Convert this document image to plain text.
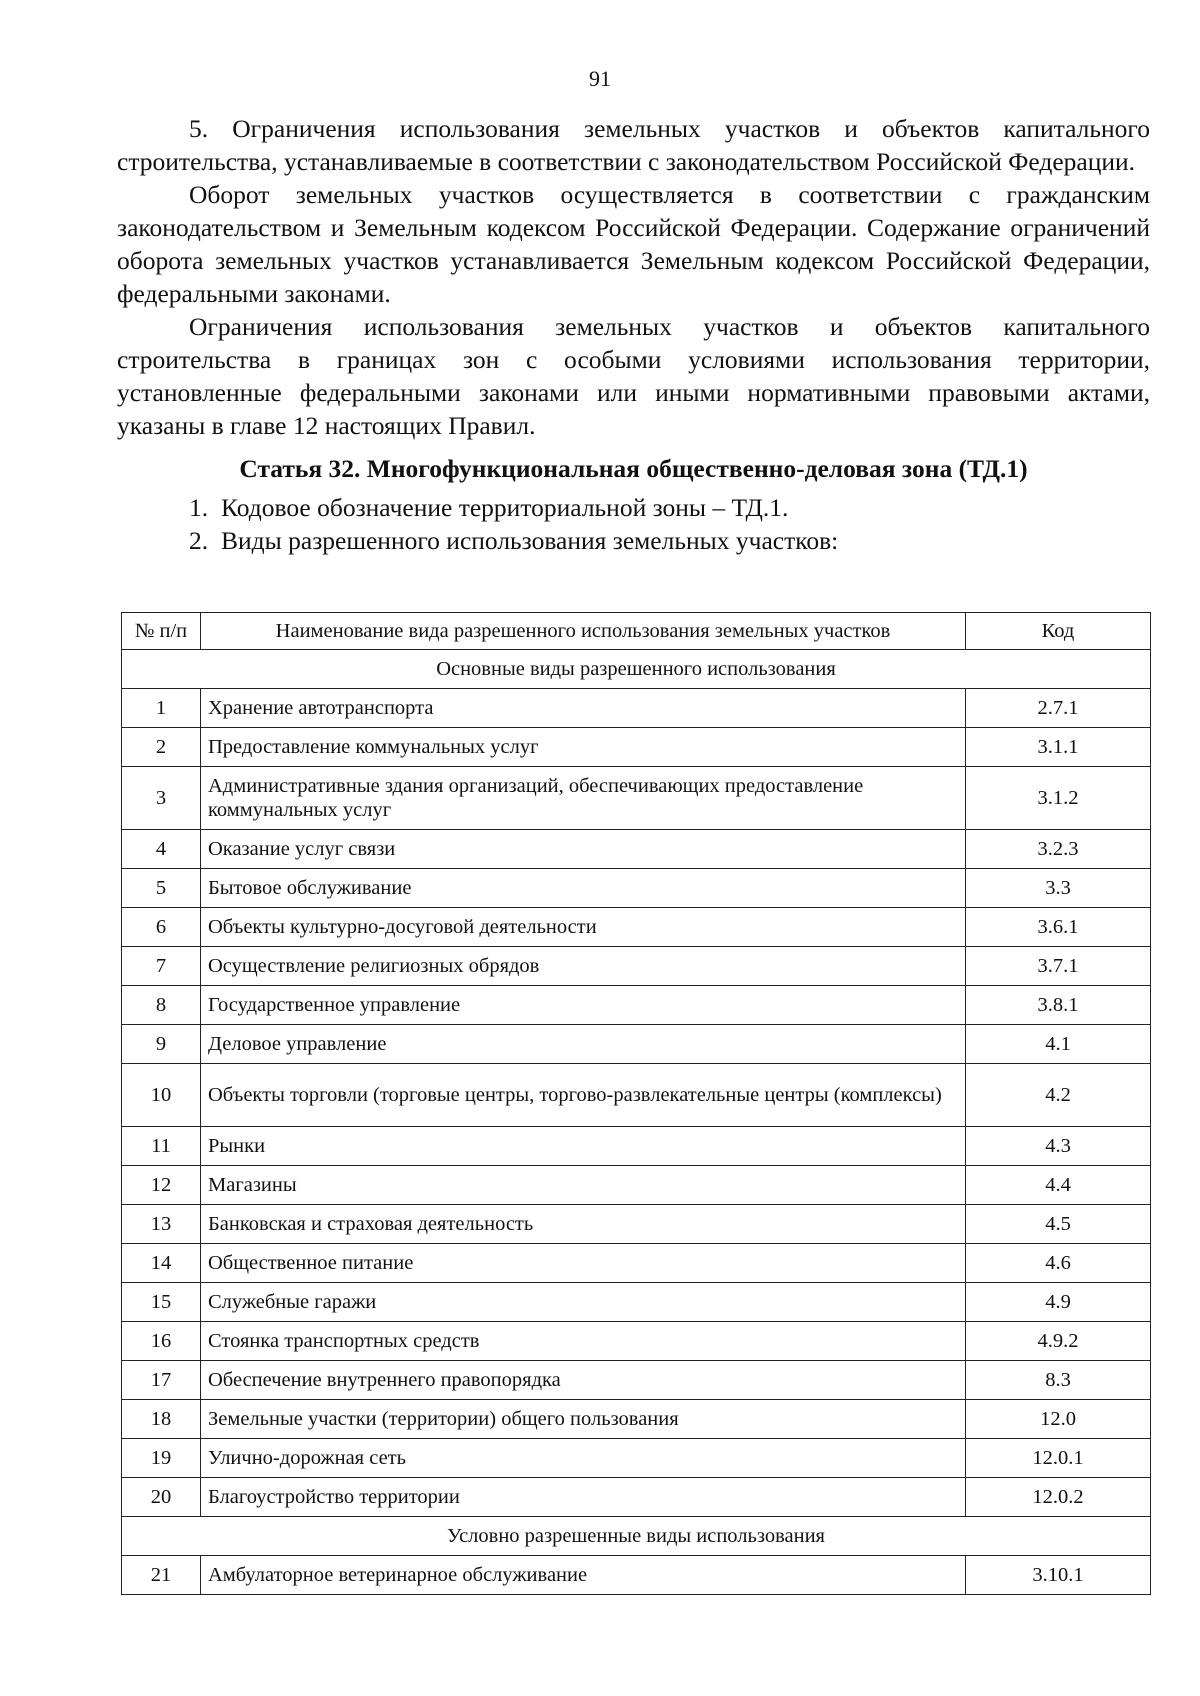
91

5. Ограничения использования земельных участков и объектов капитального строительства, устанавливаемые в соответствии с законодательством Российской Федерации.

Оборот земельных участков осуществляется в соответствии с гражданским законодательством и Земельным кодексом Российской Федерации. Содержание ограничений оборота земельных участков устанавливается Земельным кодексом Российской Федерации, федеральными законами.

Ограничения использования земельных участков и объектов капитального строительства в границах зон с особыми условиями использования территории, установленные федеральными законами или иными нормативными правовыми актами, указаны в главе 12 настоящих Правил.

Статья 32. Многофункциональная общественно-деловая зона (ТД.1)

1. Кодовое обозначение территориальной зоны – ТД.1.

2. Виды разрешенного использования земельных участков:

№ п/п	Наименование вида разрешенного использования земельных участков	Код
Основные виды разрешенного использования		
1	Хранение автотранспорта	2.7.1
2	Предоставление коммунальных услуг	3.1.1
3	Административные здания организаций, обеспечивающих предоставление коммунальных услуг	3.1.2
4	Оказание услуг связи	3.2.3
5	Бытовое обслуживание	3.3
6	Объекты культурно-досуговой деятельности	3.6.1
7	Осуществление религиозных обрядов	3.7.1
8	Государственное управление	3.8.1
9	Деловое управление	4.1
10	Объекты торговли (торговые центры, торгово-развлекательные центры (комплексы)	4.2
11	Рынки	4.3
12	Магазины	4.4
13	Банковская и страховая деятельность	4.5
14	Общественное питание	4.6
15	Служебные гаражи	4.9
16	Стоянка транспортных средств	4.9.2
17	Обеспечение внутреннего правопорядка	8.3
18	Земельные участки (территории) общего пользования	12.0
19	Улично-дорожная сеть	12.0.1
20	Благоустройство территории	12.0.2
Условно разрешенные виды использования		
21	Амбулаторное ветеринарное обслуживание	3.10.1
